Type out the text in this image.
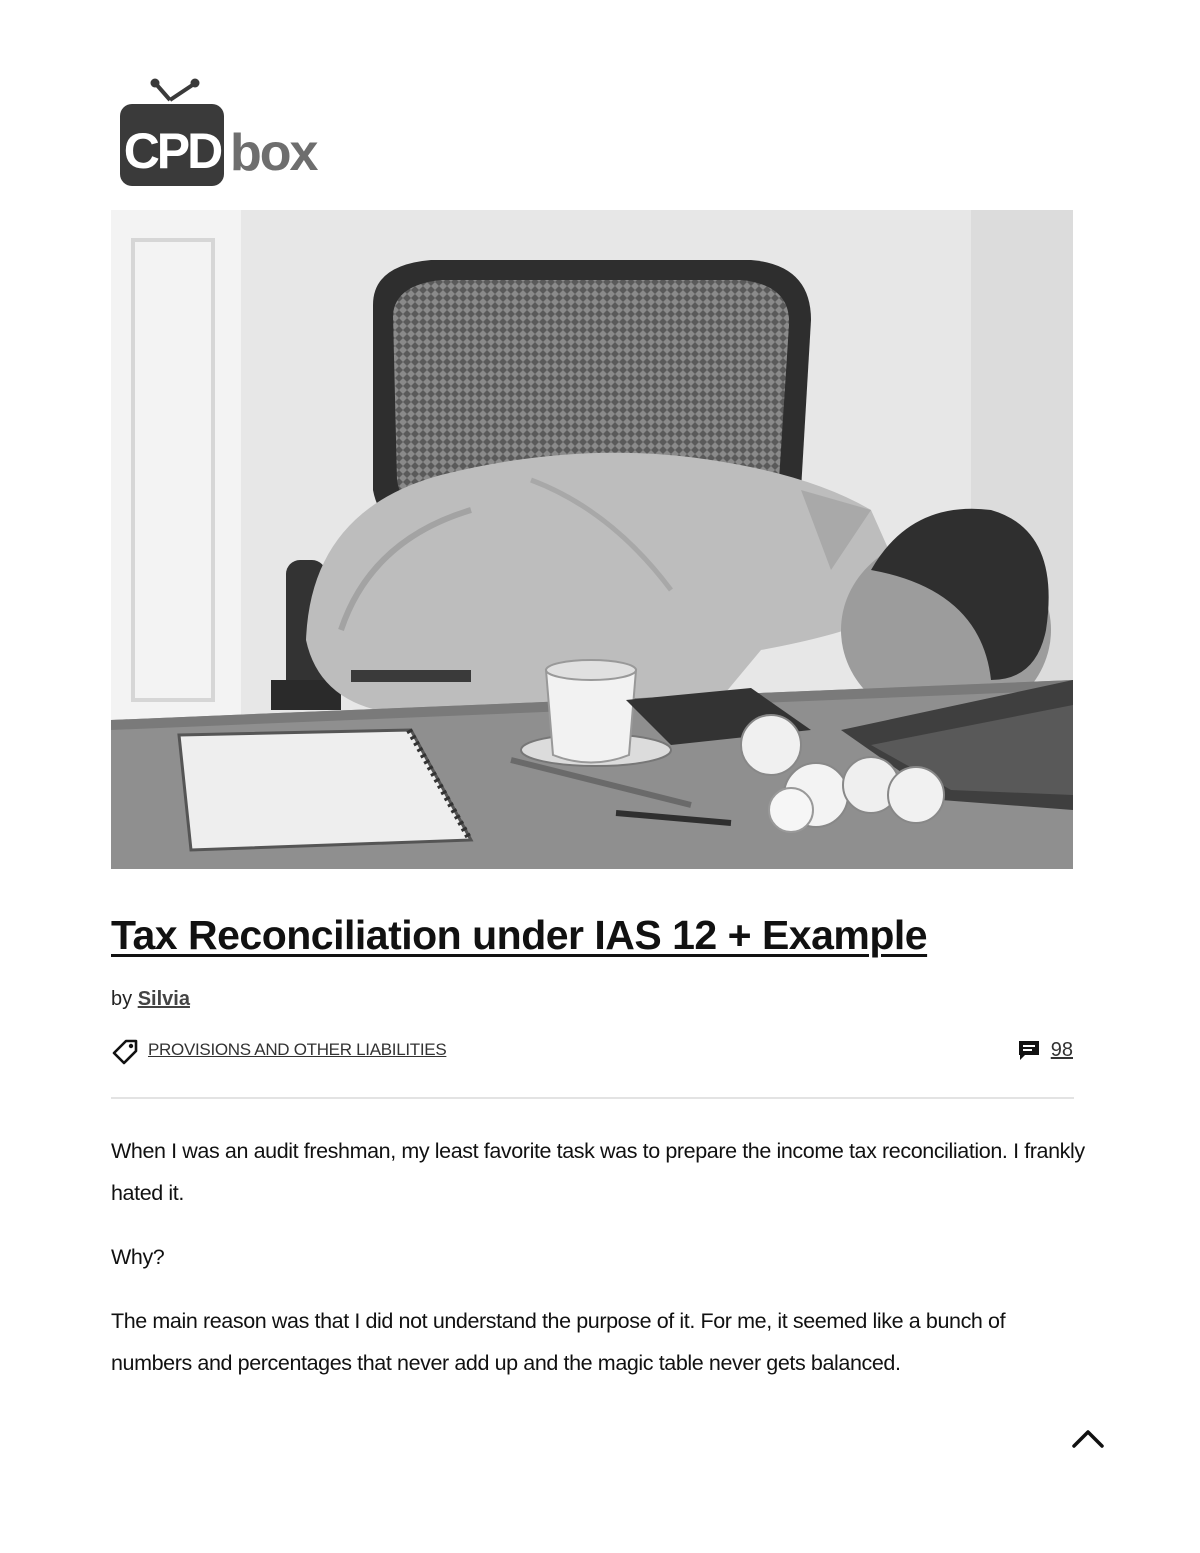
CPD box
Tax Reconciliation under IAS 12 + Example
by Silvia
PROVISIONS AND OTHER LIABILITIES	98

When I was an audit freshman, my least favorite task was to prepare the income tax reconciliation. I frankly hated it.

Why?

The main reason was that I did not understand the purpose of it. For me, it seemed like a bunch of numbers and percentages that never add up and the magic table never gets balanced.
